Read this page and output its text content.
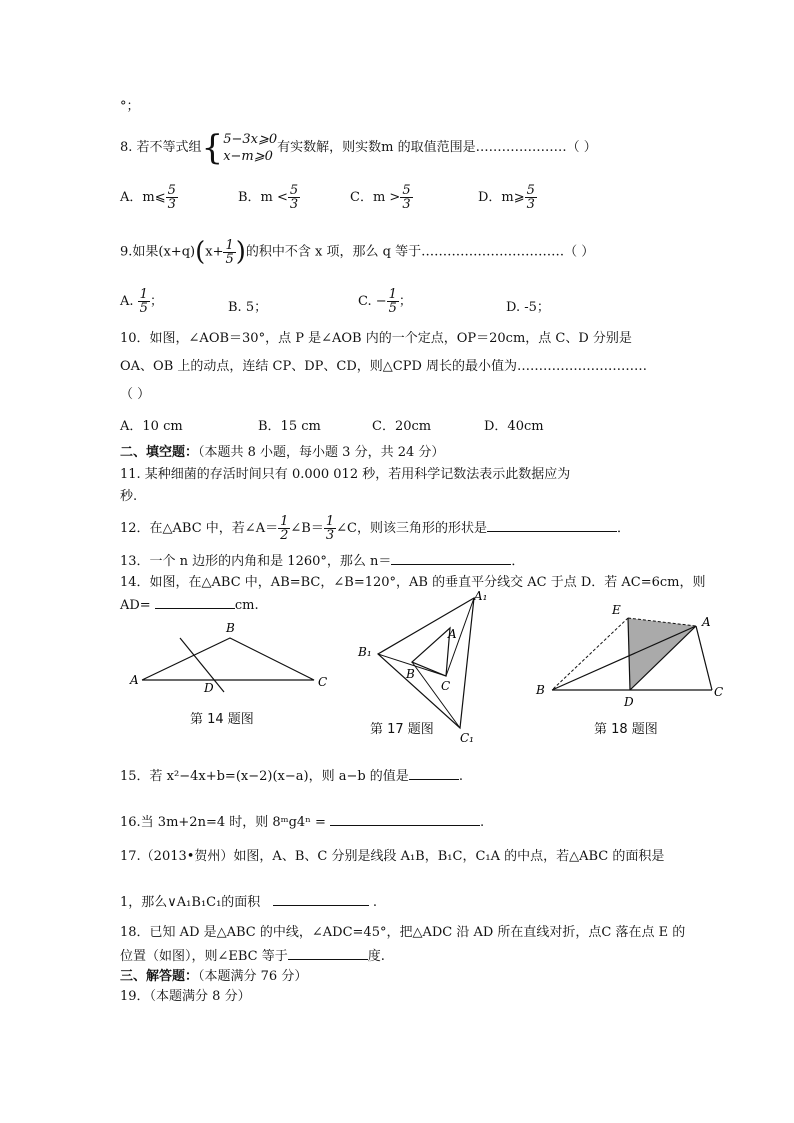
°；
8. 若不等式组{ 5−3x⩾0
x−m⩾0
有实数解，则实数m 的取值范围是…………………（ ）
A．m⩽ $\frac{5}{3}$	B．$m < \frac{5}{3}$	C．$m > \frac{5}{3}$	D．m⩾ $\frac{5}{3}$
9.如果$(x+q)(x+ \frac{1}{5}$ )的积中不含 x 项，那么 q 等于……………………………（ ）
A. $\frac{1}{5}$ ；	B. 5；	C. − $\frac{1}{5}$ ；	D. -5；
10．如图，∠AOB＝30°，点 P 是∠AOB 内的一个定点，OP＝20cm，点 C、D 分别是
OA、OB 上的动点，连结 CP、DP、CD，则△CPD 周长的最小值为…………………………
（ ）
A．10 cm	B．15 cm	C．20cm	D．40cm
二、填空题：（本题共 8 小题，每小题 3 分，共 24 分）
11. 某种细菌的存活时间只有 0.000 012 秒，若用科学记数法表示此数据应为
秒.
12．在△ABC 中，若∠A＝ $\frac{1}{2}$ ∠B＝ $\frac{1}{3}$ ∠C，则该三角形的形状是	．
13．一个 n 边形的内角和是 1260°，那么 n＝	．
14．如图，在△ABC 中，AB=BC，∠B=120°，AB 的垂直平分线交 AC 于点 D．若 AC=6cm，则
AD=	cm.
A
B
C
D
第 14 题图
A₁
B₁
C₁
A
B
C
第 17 题图
E
A
B
D
C
第 18 题图
15．若 x²−4x+b=(x−2)(x−a)，则 a−b 的值是	.
16.当 3m+2n=4 时，则 8ᵐg4ⁿ =	.
17.（2013•贺州）如图，A、B、C 分别是线段 A₁B，B₁C，C₁A 的中点，若△ABC 的面积是
1，那么∨A₁B₁C₁的面积	.
18．已知 AD 是△ABC 的中线，∠ADC=45°，把△ADC 沿 AD 所在直线对折，点C 落在点 E 的
位置（如图），则∠EBC 等于	度.
三、解答题：（本题满分 76 分）
19．（本题满分 8 分）
